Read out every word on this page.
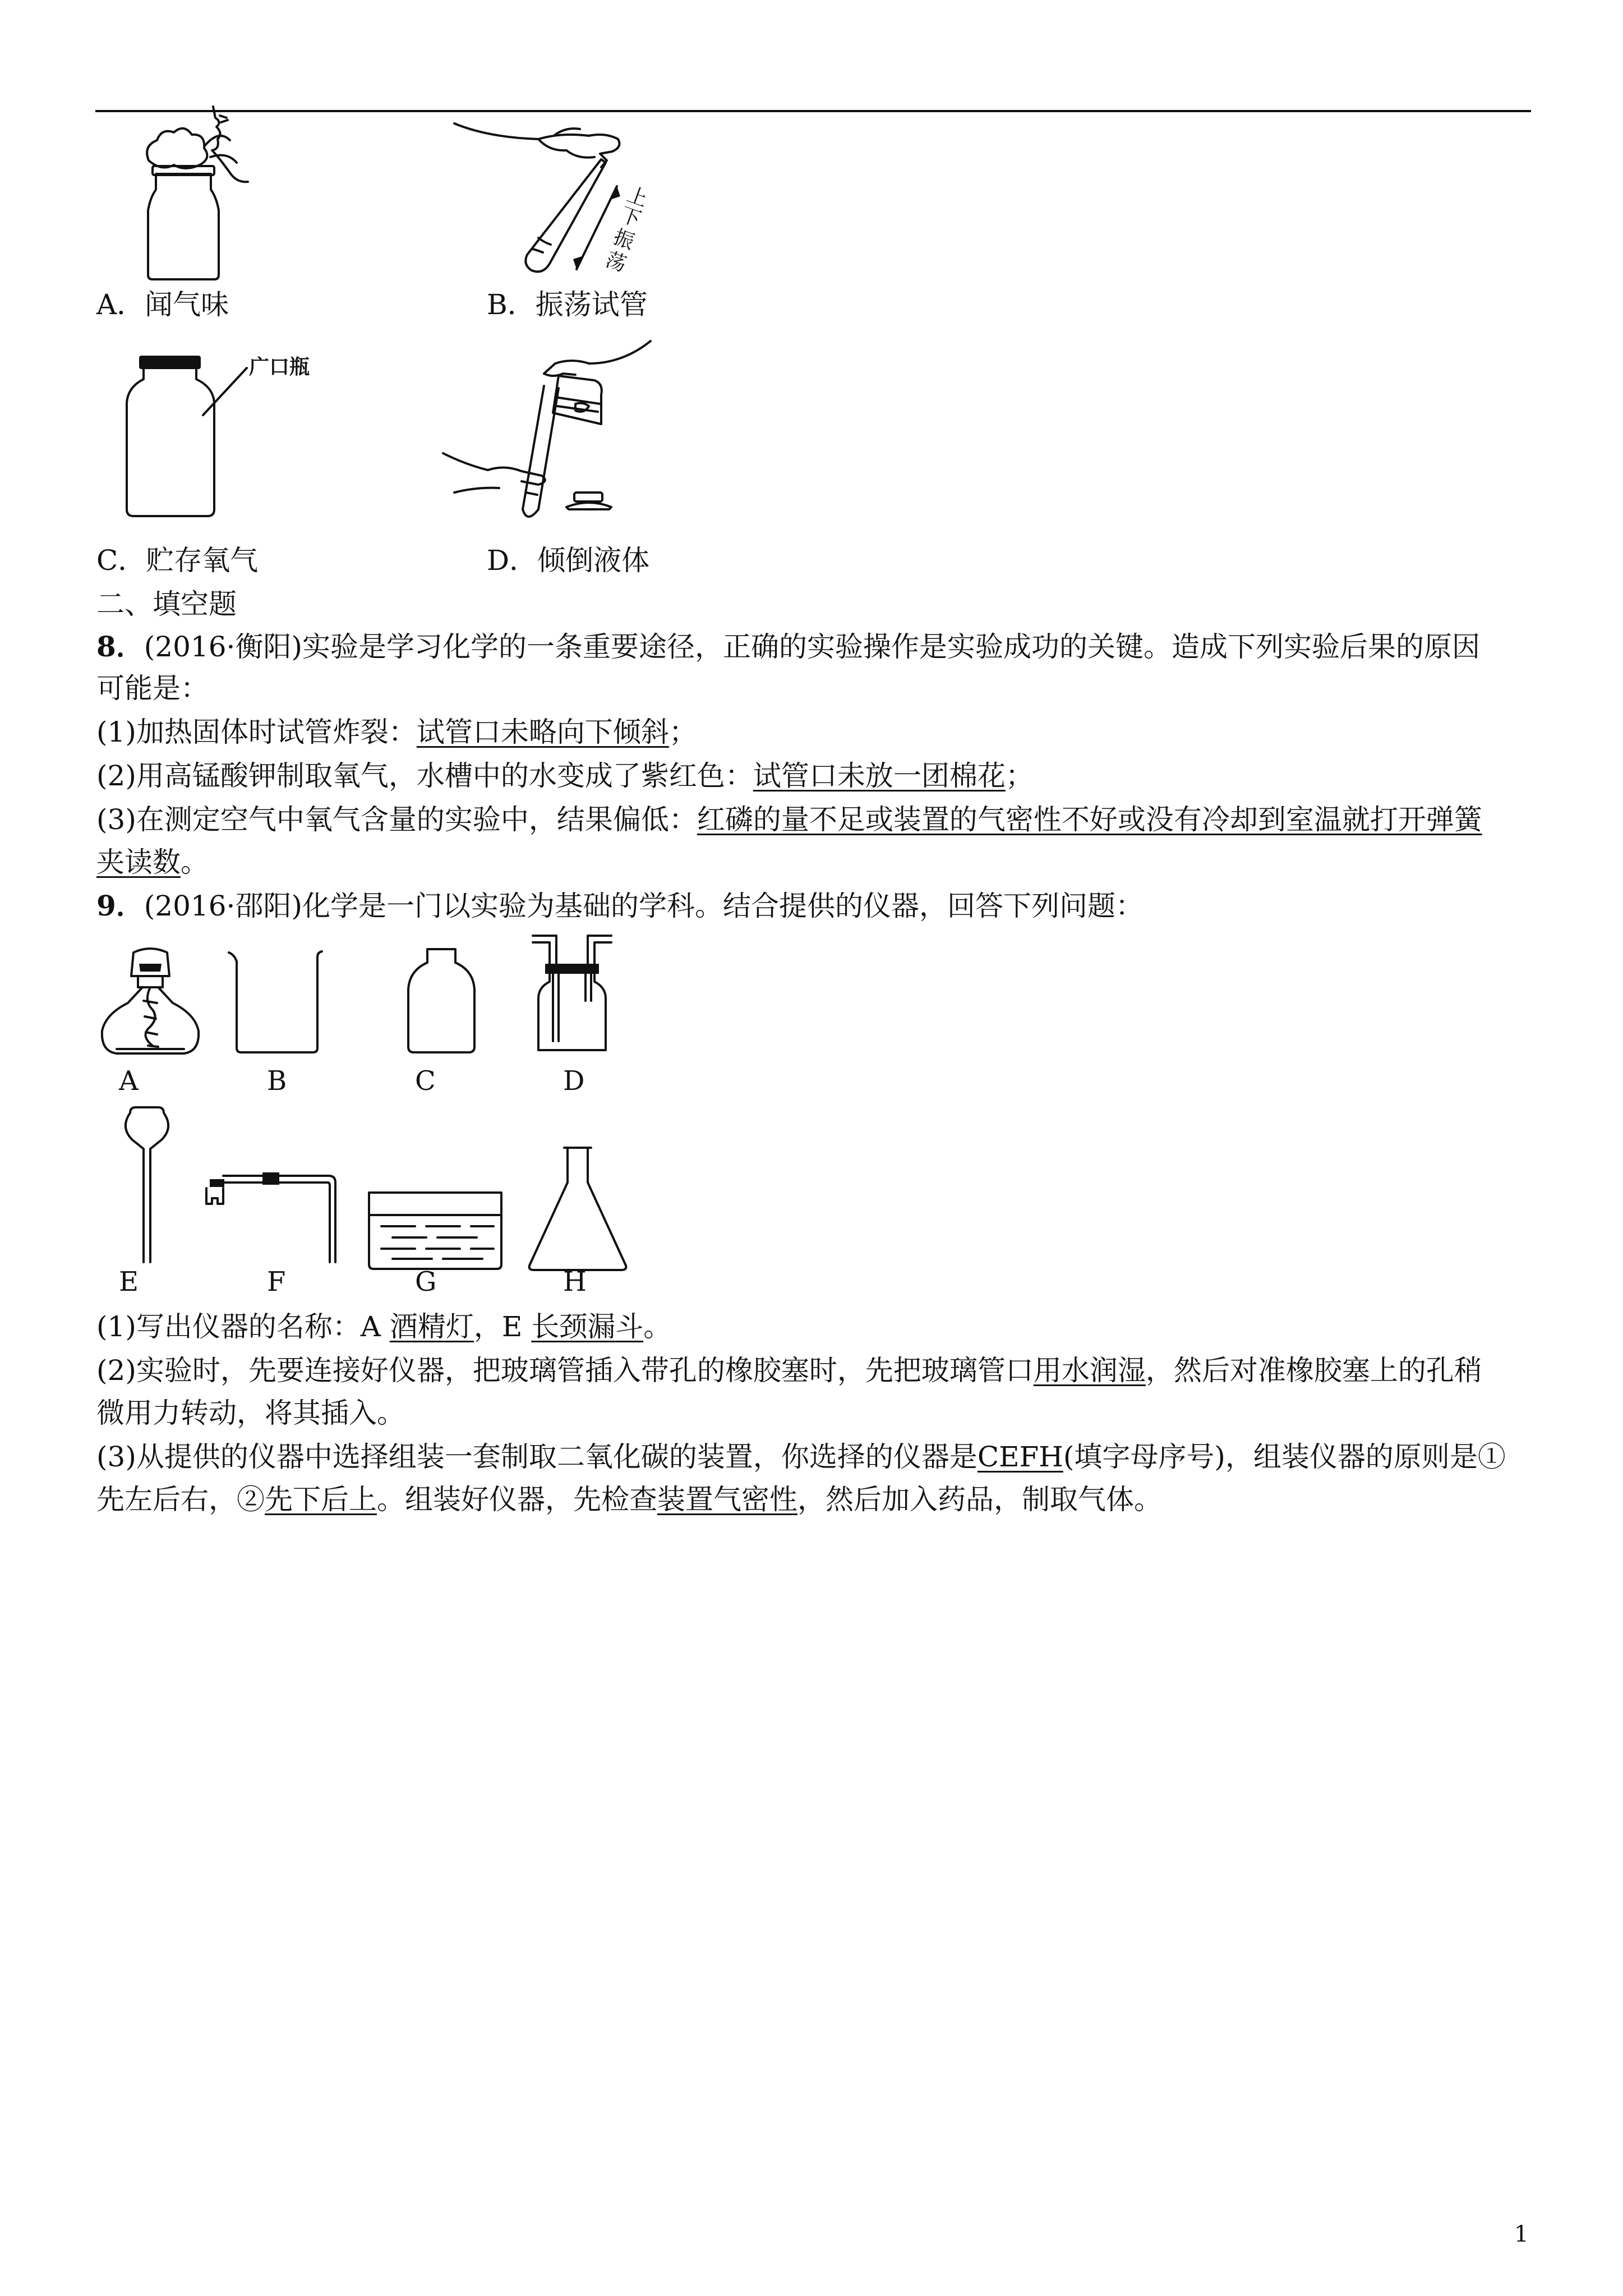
上
下
振
荡
A．闻气味	B．振荡试管
广口瓶
C．贮存氧气	D．倾倒液体
二、填空题
8．(2016·衡阳)实验是学习化学的一条重要途径，正确的实验操作是实验成功的关键。造成下列实验后果的原因
可能是：
(1)加热固体时试管炸裂：试管口未略向下倾斜；
(2)用高锰酸钾制取氧气，水槽中的水变成了紫红色：试管口未放一团棉花；
(3)在测定空气中氧气含量的实验中，结果偏低：红磷的量不足或装置的气密性不好或没有冷却到室温就打开弹簧
夹读数。
9．(2016·邵阳)化学是一门以实验为基础的学科。结合提供的仪器，回答下列问题：
A	B	C	D
E	F	G	H
(1)写出仪器的名称：A 酒精灯，E 长颈漏斗。
(2)实验时，先要连接好仪器，把玻璃管插入带孔的橡胶塞时，先把玻璃管口用水润湿，然后对准橡胶塞上的孔稍
微用力转动，将其插入。
(3)从提供的仪器中选择组装一套制取二氧化碳的装置，你选择的仪器是CEFH(填字母序号)，组装仪器的原则是①
先左后右，②先下后上。组装好仪器，先检查装置气密性，然后加入药品，制取气体。
1
